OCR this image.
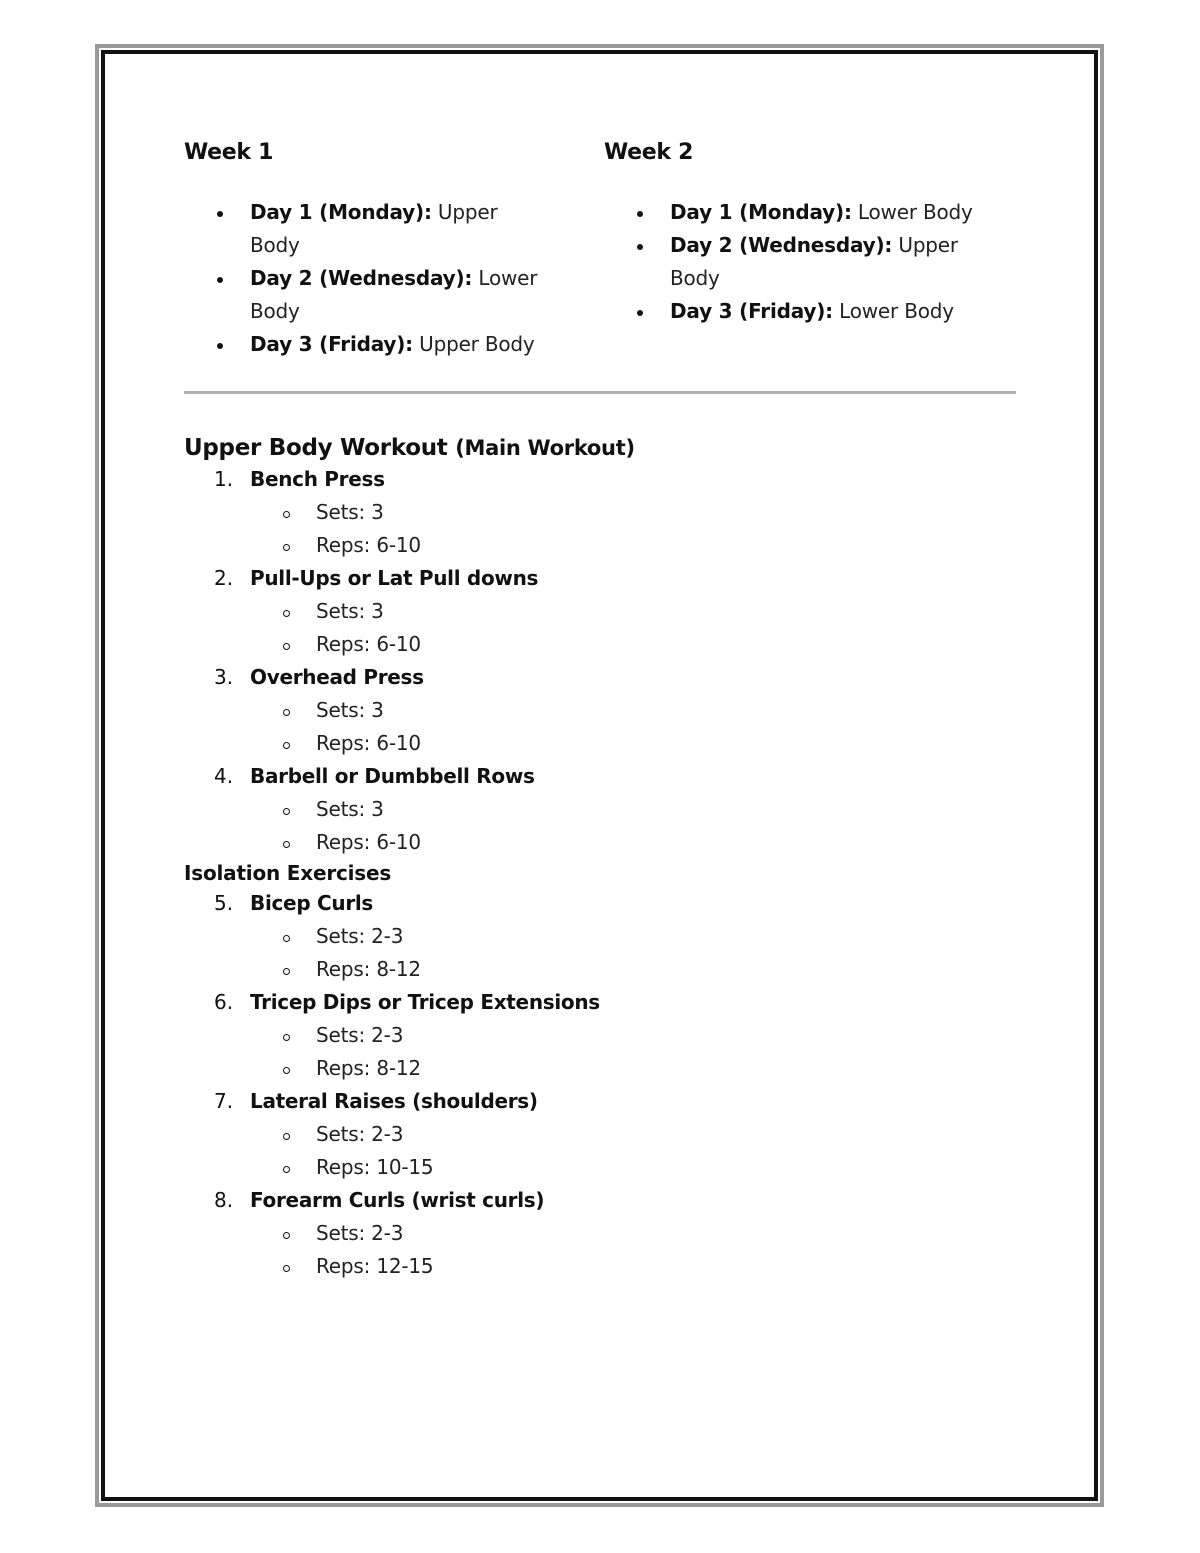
Week 1
Day 1 (Monday): Upper Body
Day 2 (Wednesday): Lower Body
Day 3 (Friday): Upper Body
Week 2
Day 1 (Monday): Lower Body
Day 2 (Wednesday): Upper Body
Day 3 (Friday): Lower Body
Upper Body Workout (Main Workout)
1. Bench Press
Sets: 3
Reps: 6-10
2. Pull-Ups or Lat Pull downs
Sets: 3
Reps: 6-10
3. Overhead Press
Sets: 3
Reps: 6-10
4. Barbell or Dumbbell Rows
Sets: 3
Reps: 6-10
Isolation Exercises
5. Bicep Curls
Sets: 2-3
Reps: 8-12
6. Tricep Dips or Tricep Extensions
Sets: 2-3
Reps: 8-12
7. Lateral Raises (shoulders)
Sets: 2-3
Reps: 10-15
8. Forearm Curls (wrist curls)
Sets: 2-3
Reps: 12-15
